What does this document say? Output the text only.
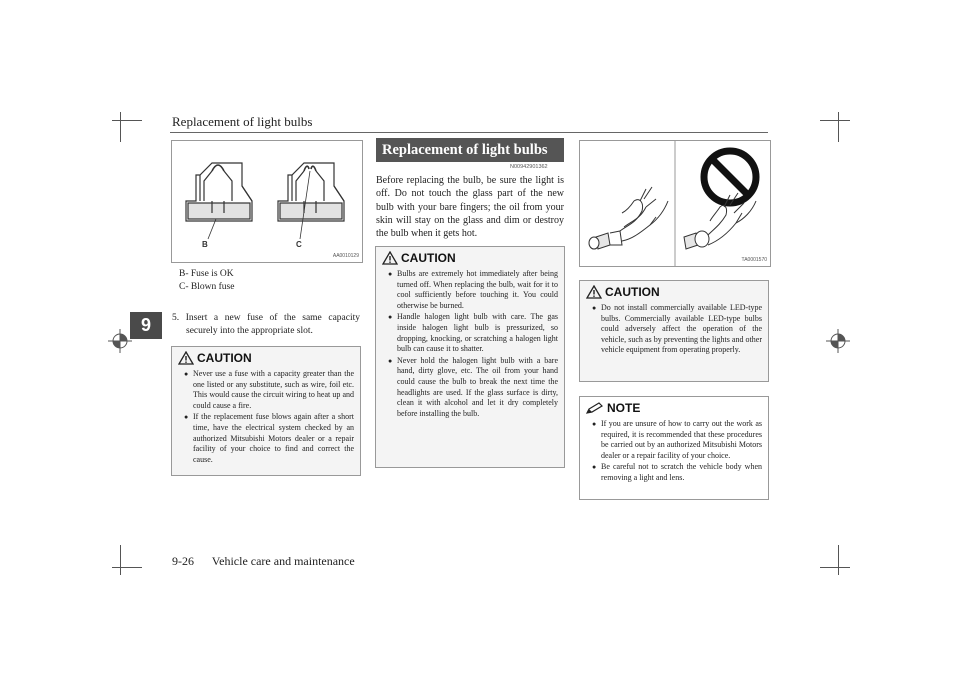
Replacement of light bulbs
9
B	C
AA0010129
B- Fuse is OK
C- Blown fuse
5. Insert a new fuse of the same capacity
securely into the appropriate slot.
CAUTION
● Never use a fuse with a capacity greater than the one listed or any substitute, such as wire, foil etc. This would cause the circuit wiring to heat up and could cause a fire.
● If the replacement fuse blows again after a short time, have the electrical system checked by an authorized Mitsubishi Motors dealer or a repair facility of your choice to find and correct the cause.
Replacement of light bulbs
N00942901362
Before replacing the bulb, be sure the light is off. Do not touch the glass part of the new bulb with your bare fingers; the oil from your skin will stay on the glass and dim or destroy the bulb when it gets hot.
CAUTION
● Bulbs are extremely hot immediately after being turned off. When replacing the bulb, wait for it to cool sufficiently before touching it. You could otherwise be burned.
● Handle halogen light bulb with care. The gas inside halogen light bulb is pressurized, so dropping, knocking, or scratching a halogen light bulb can cause it to shatter.
● Never hold the halogen light bulb with a bare hand, dirty glove, etc. The oil from your hand could cause the bulb to break the next time the headlights are used. If the glass surface is dirty, clean it with alcohol and let it dry completely before installing the bulb.
TA0001570
CAUTION
● Do not install commercially available LED-type bulbs. Commercially available LED-type bulbs could adversely affect the operation of the vehicle, such as by preventing the lights and other vehicle equipment from operating properly.
NOTE
● If you are unsure of how to carry out the work as required, it is recommended that these procedures be carried out by an authorized Mitsubishi Motors dealer or a repair facility of your choice.
● Be careful not to scratch the vehicle body when removing a light and lens.
9-26 Vehicle care and maintenance
